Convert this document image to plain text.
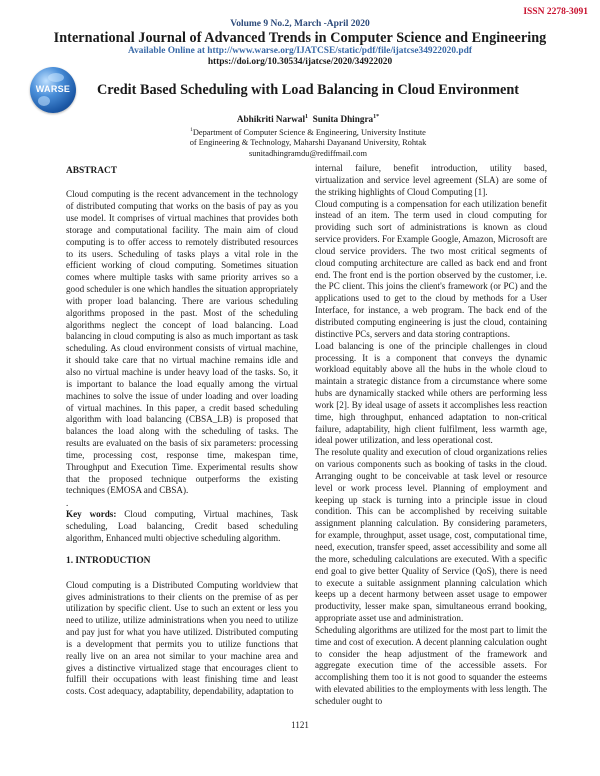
ISSN 2278-3091
Volume 9 No.2, March -April 2020
International Journal of Advanced Trends in Computer Science and Engineering
Available Online at http://www.warse.org/IJATCSE/static/pdf/file/ijatcse34922020.pdf
https://doi.org/10.30534/ijatcse/2020/34922020
WARSE	Credit Based Scheduling with Load Balancing in Cloud Environment
Abhikriti Narwal$^1$ Sunita Dhingra$^{1*}$
$^1$Department of Computer Science & Engineering, University Institute
of Engineering & Technology, Maharshi Dayanand University, Rohtak
sunitadhingramdu@rediffmail.com
ABSTRACT

Cloud computing is the recent advancement in the technology of distributed computing that works on the basis of pay as you use model. It comprises of virtual machines that provides both storage and computational facility. The main aim of cloud computing is to offer access to remotely distributed resources to its users. Scheduling of tasks plays a vital role in the efficient working of cloud computing. Sometimes situation comes where multiple tasks with same priority arrives so a good scheduler is one which handles the situation appropriately with proper load balancing. There are various scheduling algorithms proposed in the past. Most of the scheduling algorithms neglect the concept of load balancing. Load balancing in cloud computing is also as much important as task scheduling. As cloud environment consists of virtual machine, it should take care that no virtual machine remains idle and also no virtual machine is under heavy load of the tasks. So, it is important to balance the load equally among the virtual machines to solve the issue of under loading and over loading of virtual machines. In this paper, a credit based scheduling algorithm with load balancing (CBSA_LB) is proposed that balances the load along with the scheduling of tasks. The results are evaluated on the basis of six parameters: processing time, processing cost, response time, makespan time, Throughput and Execution Time. Experimental results show that the proposed technique outperforms the existing techniques (EMOSA and CBSA).

.

Key words: Cloud computing, Virtual machines, Task scheduling, Load balancing, Credit based scheduling algorithm, Enhanced multi objective scheduling algorithm.

1. INTRODUCTION

Cloud computing is a Distributed Computing worldview that gives administrations to their clients on the premise of as per utilization by specific client. Use to such an extent or less you need to utilize, utilize administrations when you need to utilize and pay just for what you have utilized. Distributed computing is a development that permits you to utilize functions that really live on an area not similar to your machine area and gives a distinctive virtualized stage that encourages client to fulfill their occupations with least finishing time and least costs. Cost adequacy, adaptability, dependability, adaptation to

internal failure, benefit introduction, utility based, virtualization and service level agreement (SLA) are some of the striking highlights of Cloud Computing [1].

Cloud computing is a compensation for each utilization benefit instead of an item. The term used in cloud computing for providing such sort of administrations is known as cloud service providers. For Example Google, Amazon, Microsoft are cloud service providers. The two most critical segments of cloud computing architecture are called as back end and front end. The front end is the portion observed by the customer, i.e. the PC client. This joins the client's framework (or PC) and the applications used to get to the cloud by methods for a User Interface, for instance, a web program. The back end of the distributed computing engineering is just the cloud, containing distinctive PCs, servers and data storing contraptions.

Load balancing is one of the principle challenges in cloud processing. It is a component that conveys the dynamic workload equitably above all the hubs in the whole cloud to maintain a strategic distance from a circumstance where some hubs are dynamically stacked while others are performing less work [2]. By ideal usage of assets it accomplishes less reaction time, high throughput, enhanced adaptation to non-critical failure, adaptability, high client fulfilment, less warmth age, ideal power utilization, and less operational cost.

The resolute quality and execution of cloud organizations relies on various components such as booking of tasks in the cloud. Arranging ought to be conceivable at task level or resource level or work process level. Planning of employment and keeping up stack is turning into a principle issue in cloud condition. This can be accomplished by receiving suitable assignment planning calculation. By considering parameters, for example, throughput, asset usage, cost, computational time, need, execution, transfer speed, asset accessibility and some all the more, scheduling calculations are executed. With a specific end goal to give better Quality of Service (QoS), there is need to execute a suitable assignment planning calculation which keeps up a decent harmony between asset usage to empower productivity, lesser make span, simultaneous errand booking, appropriate asset use and administration.

Scheduling algorithms are utilized for the most part to limit the time and cost of execution. A decent planning calculation ought to consider the heap adjustment of the framework and aggregate execution time of the accessible assets. For accomplishing them too it is not good to squander the esteems with elevated abilities to the employments with less length. The scheduler ought to

1121
